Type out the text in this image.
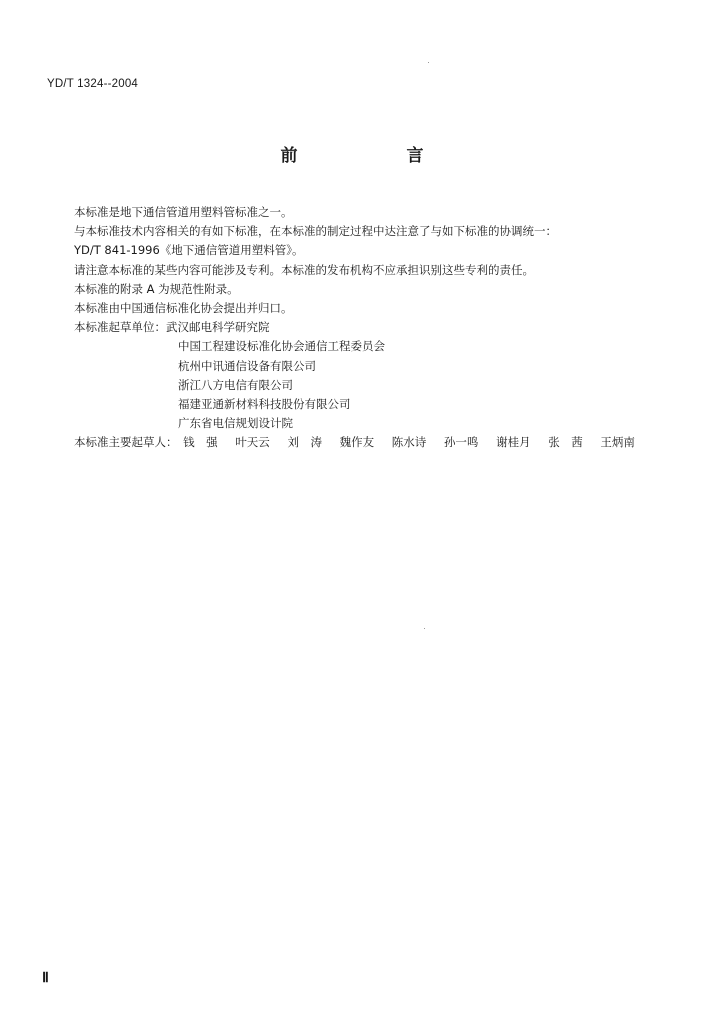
YD/T 1324--2004
前　言
本标准是地下通信管道用塑料管标准之一。
与本标准技术内容相关的有如下标准，在本标准的制定过程中达注意了与如下标准的协调统一：
YD/T 841-1996《地下通信管道用塑料管》。
请注意本标准的某些内容可能涉及专利。本标准的发布机构不应承担识别这些专利的责任。
本标准的附录 A 为规范性附录。
本标准由中国通信标准化协会提出并归口。
本标准起草单位：武汉邮电科学研究院
中国工程建设标准化协会通信工程委员会
杭州中讯通信设备有限公司
浙江八方电信有限公司
福建亚通新材料科技股份有限公司
广东省电信规划设计院
本标准主要起草人： 钱　强 叶天云 刘　涛 魏作友 陈水诗 孙一鸣 谢桂月 张　茜 王炳南
Ⅱ
